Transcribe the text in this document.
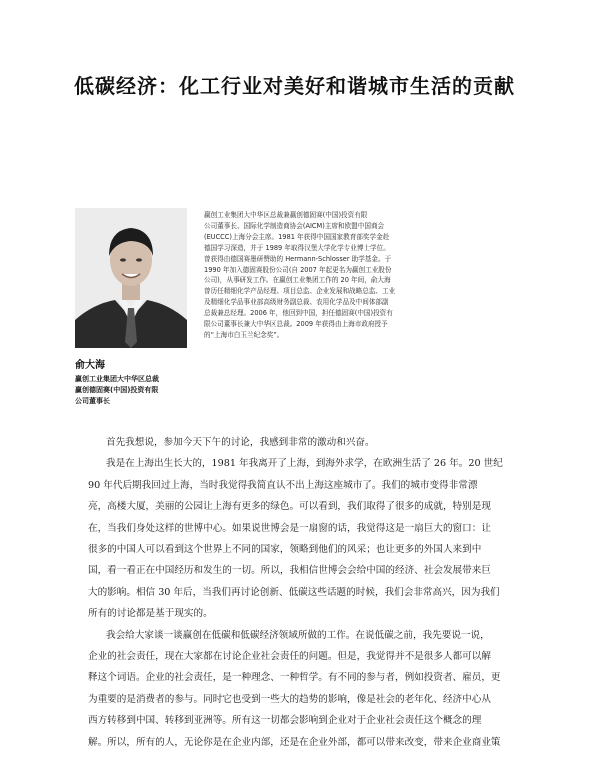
低碳经济：化工行业对美好和谐城市生活的贡献
俞大海
赢创工业集团大中华区总裁
赢创德固赛(中国)投资有限
公司董事长
赢创工业集团大中华区总裁兼赢创德固赛(中国)投资有限
公司董事长、国际化学制造商协会(AICM)主席和欧盟中国商会
(EUCCC)上海分会主席。1981 年获得中国国家教育部奖学金赴
德国学习深造，并于 1989 年取得汉堡大学化学专业博士学位。
曾获得由德国赛墨研赞助的 Hermann-Schlosser 助学基金。于
1990 年加入德固赛股份公司(自 2007 年起更名为赢创工业股份
公司)，从事研发工作。在赢创工业集团工作的 20 年间，俞大海
曾历任精细化学产品经理、项目总监、企业发展和战略总监、工业
及精细化学品事业部高级财务副总裁、农用化学品及中间体部副
总裁兼总经理。2006 年，他回到中国，担任德固赛(中国)投资有
限公司董事长兼大中华区总裁。2009 年获得由上海市政府授予
的“上海市白玉兰纪念奖”。
首先我想说，参加今天下午的讨论，我感到非常的激动和兴奋。
我是在上海出生长大的，1981 年我离开了上海，到海外求学，在欧洲生活了 26 年。20 世纪
90 年代后期我回过上海，当时我觉得我简直认不出上海这座城市了。我们的城市变得非常漂
亮，高楼大厦，美丽的公园让上海有更多的绿色。可以看到，我们取得了很多的成就，特别是现
在，当我们身处这样的世博中心。如果说世博会是一扇窗的话，我觉得这是一扇巨大的窗口：让
很多的中国人可以看到这个世界上不同的国家，领略到他们的风采；也让更多的外国人来到中
国，看一看正在中国经历和发生的一切。所以，我相信世博会会给中国的经济、社会发展带来巨
大的影响。相信 30 年后，当我们再讨论创新、低碳这些话题的时候，我们会非常高兴，因为我们
所有的讨论都是基于现实的。
我会给大家谈一谈赢创在低碳和低碳经济领域所做的工作。在说低碳之前，我先要说一说，
企业的社会责任，现在大家都在讨论企业社会责任的问题。但是，我觉得并不是很多人都可以解
释这个词语。企业的社会责任，是一种理念、一种哲学。有不同的参与者，例如投资者、雇员，更
为重要的是消费者的参与。同时它也受到一些大的趋势的影响，像是社会的老年化、经济中心从
西方转移到中国、转移到亚洲等。所有这一切都会影响到企业对于企业社会责任这个概念的理
解。所以，所有的人，无论你是在企业内部，还是在企业外部，都可以带来改变，带来企业商业策
